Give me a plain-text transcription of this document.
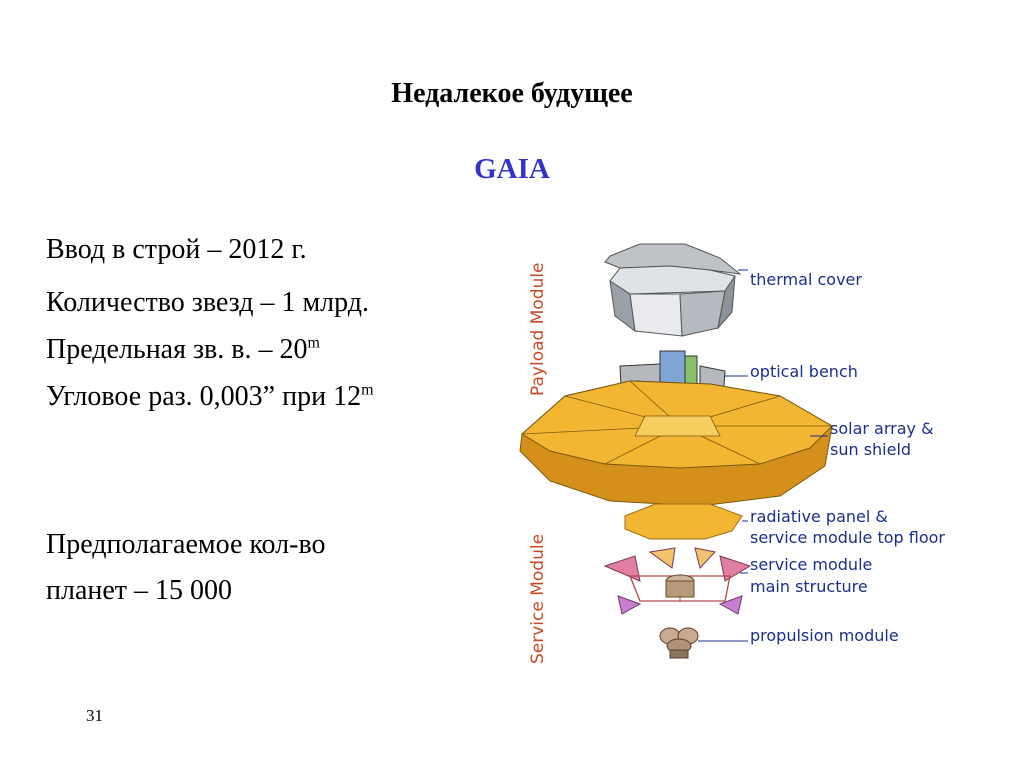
Недалекое будущее
GAIA
Ввод в строй – 2012 г.
Количество звезд – 1 млрд.
Предельная зв. в. – 20$^m$
Угловое раз. 0,003” при 12$^m$
Предполагаемое кол-во
планет – 15 000
31
Payload Module
Service Module
thermal cover
optical bench
solar array &
sun shield
radiative panel &
service module top floor
service module
main structure
propulsion module
